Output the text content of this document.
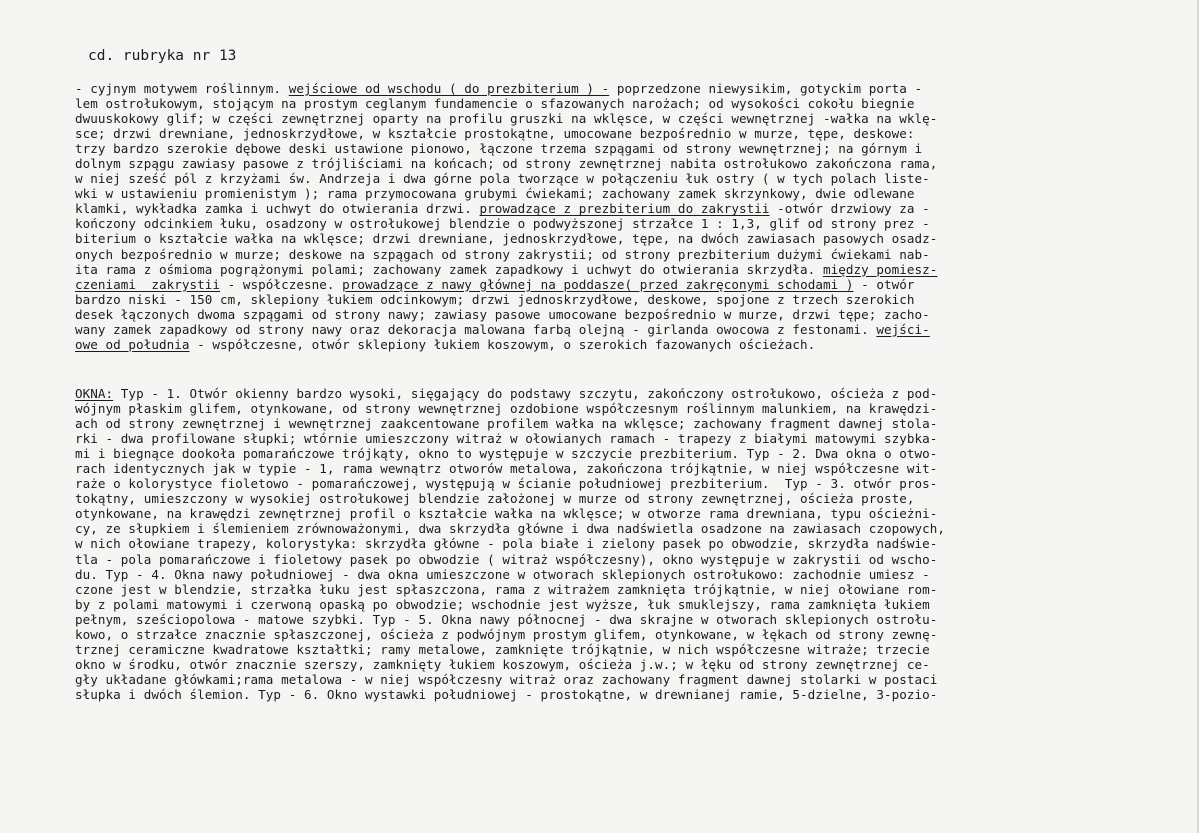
cd. rubryka nr 13
- cyjnym motywem roślinnym. wejściowe od wschodu ( do prezbiterium ) - poprzedzone niewysikim, gotyckim porta -
lem ostrołukowym, stojącym na prostym ceglanym fundamencie o sfazowanych narożach; od wysokości cokołu biegnie
dwuuskokowy glif; w części zewnętrznej oparty na profilu gruszki na wklęsce, w części wewnętrznej -wałka na wklę-
sce; drzwi drewniane, jednoskrzydłowe, w kształcie prostokątne, umocowane bezpośrednio w murze, tępe, deskowe:
trzy bardzo szerokie dębowe deski ustawione pionowo, łączone trzema szpągami od strony wewnętrznej; na górnym i
dolnym szpągu zawiasy pasowe z trójliściami na końcach; od strony zewnętrznej nabita ostrołukowo zakończona rama,
w niej sześć pól z krzyżami św. Andrzeja i dwa górne pola tworzące w połączeniu łuk ostry ( w tych polach liste-
wki w ustawieniu promienistym ); rama przymocowana grubymi ćwiekami; zachowany zamek skrzynkowy, dwie odlewane
klamki, wykładka zamka i uchwyt do otwierania drzwi. prowadzące z prezbiterium do zakrystii -otwór drzwiowy za -
kończony odcinkiem łuku, osadzony w ostrołukowej blendzie o podwyższonej strzałce 1 : 1,3, glif od strony prez -
biterium o kształcie wałka na wklęsce; drzwi drewniane, jednoskrzydłowe, tępe, na dwóch zawiasach pasowych osadz-
onych bezpośrednio w murze; deskowe na szpągach od strony zakrystii; od strony prezbiterium dużymi ćwiekami nab-
ita rama z ośmioma pogrążonymi polami; zachowany zamek zapadkowy i uchwyt do otwierania skrzydła. między pomiesz-
czeniami  zakrystii - współczesne. prowadzące z nawy głównej na poddasze( przed zakręconymi schodami ) - otwór
bardzo niski - 150 cm, sklepiony łukiem odcinkowym; drzwi jednoskrzydłowe, deskowe, spojone z trzech szerokich
desek łączonych dwoma szpągami od strony nawy; zawiasy pasowe umocowane bezpośrednio w murze, drzwi tępe; zacho-
wany zamek zapadkowy od strony nawy oraz dekoracja malowana farbą olejną - girlanda owocowa z festonami. wejści-
owe od południa - współczesne, otwór sklepiony łukiem koszowym, o szerokich fazowanych ościeżach.
OKNA: Typ - 1. Otwór okienny bardzo wysoki, sięgający do podstawy szczytu, zakończony ostrołukowo, ościeża z pod-
wójnym płaskim glifem, otynkowane, od strony wewnętrznej ozdobione współczesnym roślinnym malunkiem, na krawędzi-
ach od strony zewnętrznej i wewnętrznej zaakcentowane profilem wałka na wklęsce; zachowany fragment dawnej stola-
rki - dwa profilowane słupki; wtórnie umieszczony witraż w ołowianych ramach - trapezy z białymi matowymi szybka-
mi i biegnące dookoła pomarańczowe trójkąty, okno to występuje w szczycie prezbiterium. Typ - 2. Dwa okna o otwo-
rach identycznych jak w typie - 1, rama wewnątrz otworów metalowa, zakończona trójkątnie, w niej współczesne wit-
raże o kolorystyce fioletowo - pomarańczowej, występują w ścianie południowej prezbiterium.  Typ - 3. otwór pros-
tokątny, umieszczony w wysokiej ostrołukowej blendzie założonej w murze od strony zewnętrznej, ościeża proste,
otynkowane, na krawędzi zewnętrznej profil o kształcie wałka na wklęsce; w otworze rama drewniana, typu ościeżni-
cy, ze słupkiem i ślemieniem zrównoważonymi, dwa skrzydła główne i dwa nadświetla osadzone na zawiasach czopowych,
w nich ołowiane trapezy, kolorystyka: skrzydła główne - pola białe i zielony pasek po obwodzie, skrzydła nadświe-
tla - pola pomarańczowe i fioletowy pasek po obwodzie ( witraż współczesny), okno występuje w zakrystii od wscho-
du. Typ - 4. Okna nawy południowej - dwa okna umieszczone w otworach sklepionych ostrołukowo: zachodnie umiesz -
czone jest w blendzie, strzałka łuku jest spłaszczona, rama z witrażem zamknięta trójkątnie, w niej ołowiane rom-
by z polami matowymi i czerwoną opaską po obwodzie; wschodnie jest wyższe, łuk smuklejszy, rama zamknięta łukiem
pełnym, sześciopolowa - matowe szybki. Typ - 5. Okna nawy północnej - dwa skrajne w otworach sklepionych ostrołu-
kowo, o strzałce znacznie spłaszczonej, ościeża z podwójnym prostym glifem, otynkowane, w łękach od strony zewnę-
trznej ceramiczne kwadratowe kształtki; ramy metalowe, zamknięte trójkątnie, w nich współczesne witraże; trzecie
okno w środku, otwór znacznie szerszy, zamknięty łukiem koszowym, ościeża j.w.; w łęku od strony zewnętrznej ce-
gły układane główkami;rama metalowa - w niej współczesny witraż oraz zachowany fragment dawnej stolarki w postaci
słupka i dwóch ślemion. Typ - 6. Okno wystawki południowej - prostokątne, w drewnianej ramie, 5-dzielne, 3-pozio-
